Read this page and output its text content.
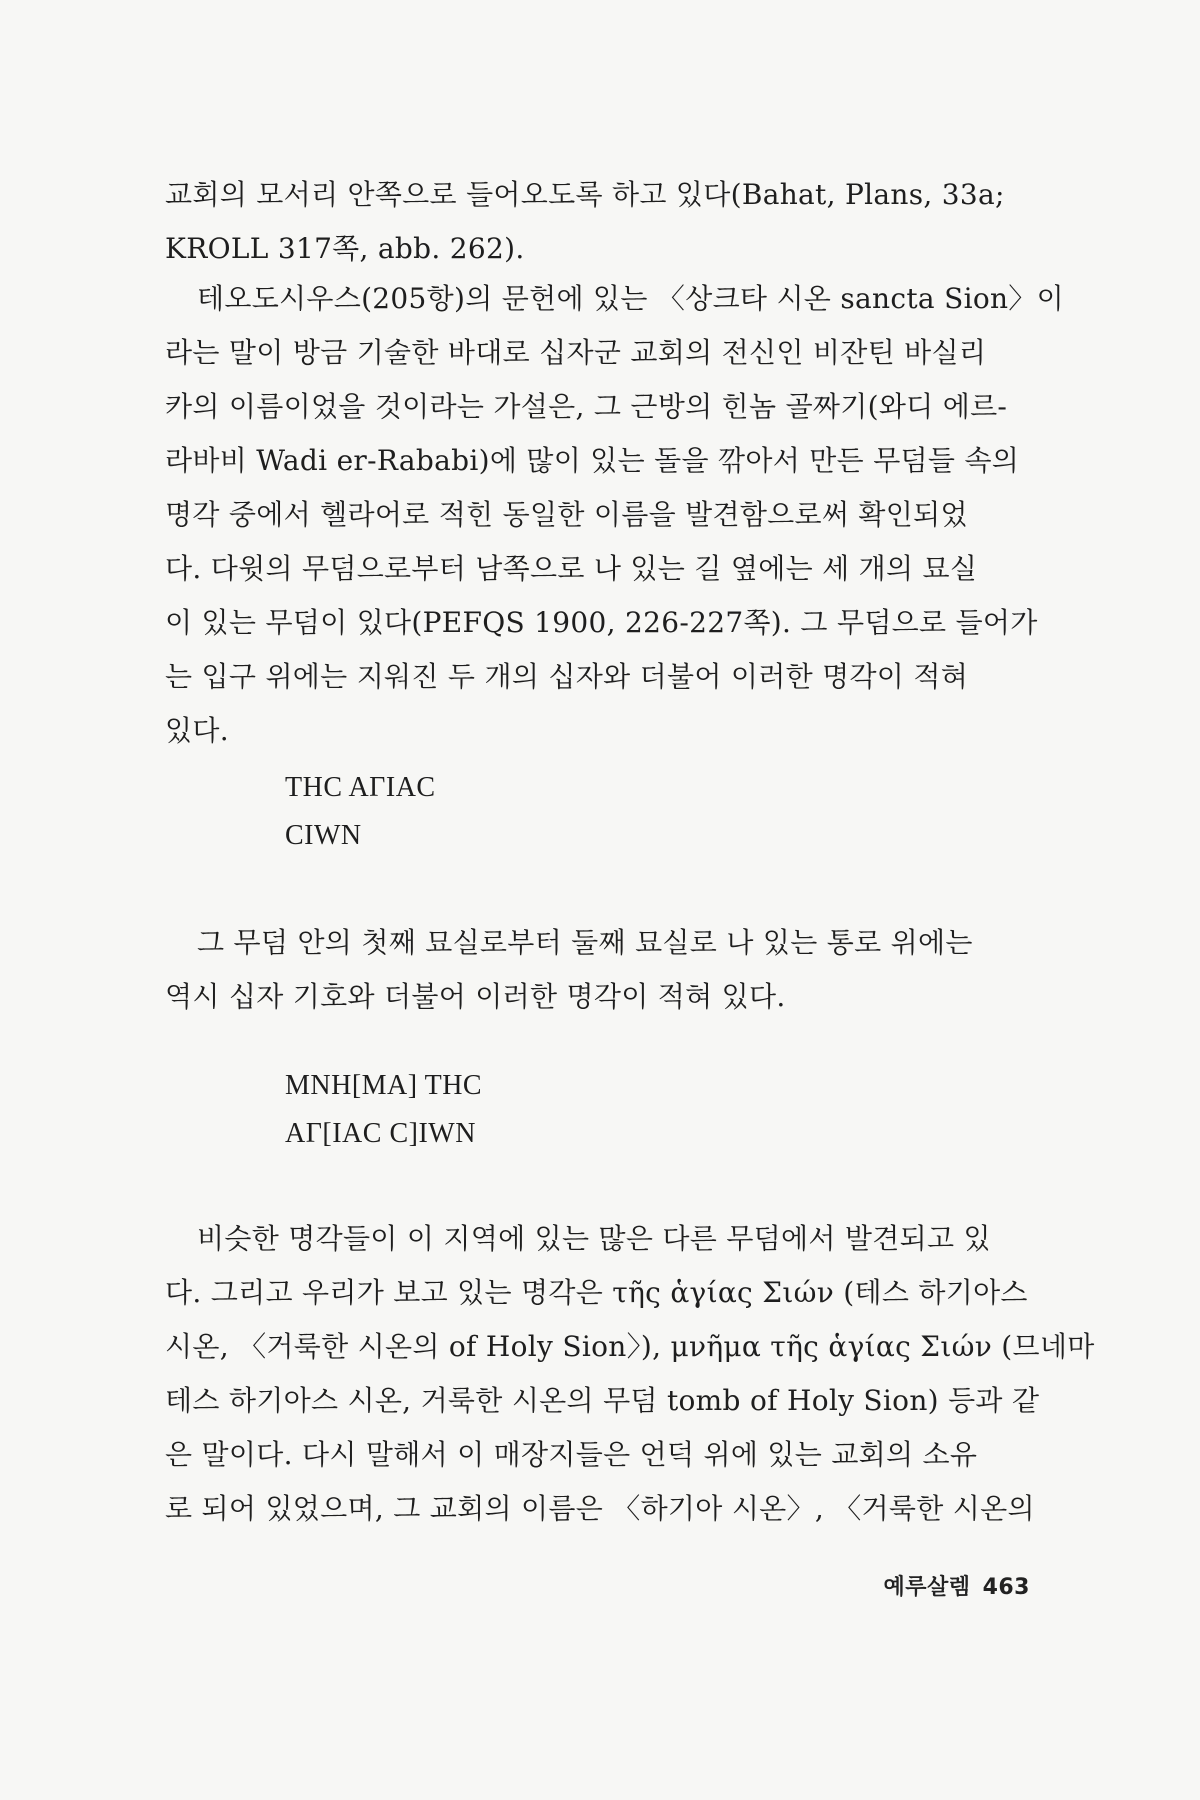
교회의 모서리 안쪽으로 들어오도록 하고 있다(Bahat, Plans, 33a;
KROLL 317쪽, abb. 262).
테오도시우스(205항)의 문헌에 있는 〈상크타 시온 sancta Sion〉이
라는 말이 방금 기술한 바대로 십자군 교회의 전신인 비잔틴 바실리
카의 이름이었을 것이라는 가설은, 그 근방의 힌놈 골짜기(와디 에르-
라바비 Wadi er-Rababi)에 많이 있는 돌을 깎아서 만든 무덤들 속의
명각 중에서 헬라어로 적힌 동일한 이름을 발견함으로써 확인되었
다. 다윗의 무덤으로부터 남쪽으로 나 있는 길 옆에는 세 개의 묘실
이 있는 무덤이 있다(PEFQS 1900, 226-227쪽). 그 무덤으로 들어가
는 입구 위에는 지워진 두 개의 십자와 더불어 이러한 명각이 적혀
있다.
THC AΓIAC
CIWN
그 무덤 안의 첫째 묘실로부터 둘째 묘실로 나 있는 통로 위에는
역시 십자 기호와 더불어 이러한 명각이 적혀 있다.
MNH[MA] THC
AΓ[IAC C]IWN
비슷한 명각들이 이 지역에 있는 많은 다른 무덤에서 발견되고 있
다. 그리고 우리가 보고 있는 명각은 τῆς ἁγίας Σιών (테스 하기아스
시온, 〈거룩한 시온의 of Holy Sion〉), μνῆμα τῆς ἁγίας Σιών (므네마
테스 하기아스 시온, 거룩한 시온의 무덤 tomb of Holy Sion) 등과 같
은 말이다. 다시 말해서 이 매장지들은 언덕 위에 있는 교회의 소유
로 되어 있었으며, 그 교회의 이름은 〈하기아 시온〉, 〈거룩한 시온의
예루살렘 463
